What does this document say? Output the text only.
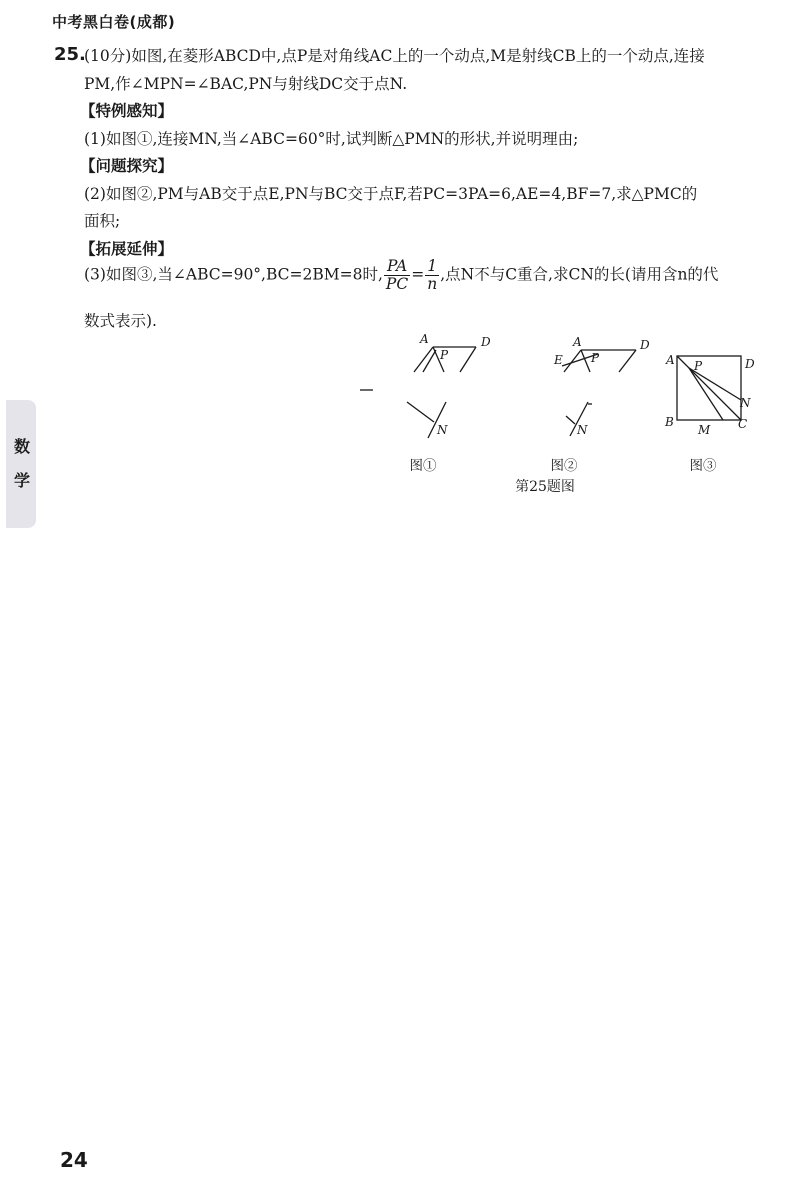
中考黑白卷(成都)
25.
(10分)如图,在菱形ABCD中,点P是对角线AC上的一个动点,M是射线CB上的一个动点,连接
PM,作∠MPN=∠BAC,PN与射线DC交于点N.
【特例感知】
(1)如图①,连接MN,当∠ABC=60°时,试判断△PMN的形状,并说明理由;
【问题探究】
(2)如图②,PM与AB交于点E,PN与BC交于点F,若PC=3PA=6,AE=4,BF=7,求△PMC的
面积;
【拓展延伸】
(3)如图③,当∠ABC=90°,BC=2BM=8时, $\frac{PA}{PC} = \frac{1}{n}$ ,点N不与C重合,求CN的长(请用含n的代
数式表示).
A	D
P
N
A	D
E P
N
A	D
P
N
B
M C
图①	图②	图③
第25题图
数
学
24
